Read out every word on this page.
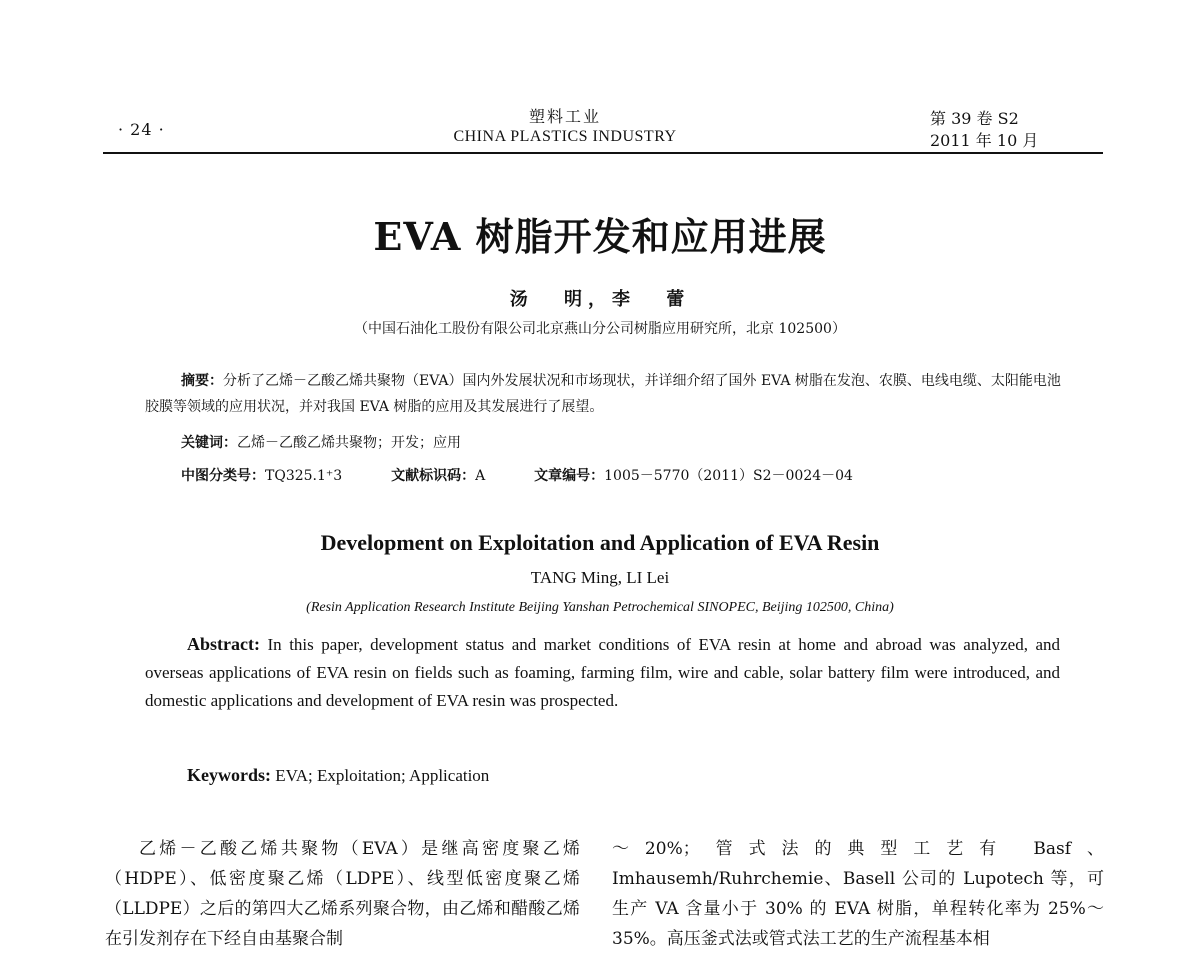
· 24 ·
塑料工业
CHINA PLASTICS INDUSTRY
第 39 卷 S2
2011 年 10 月
EVA 树脂开发和应用进展
汤 明，李 蕾
（中国石油化工股份有限公司北京燕山分公司树脂应用研究所，北京 102500）
摘要：分析了乙烯－乙酸乙烯共聚物（EVA）国内外发展状况和市场现状，并详细介绍了国外 EVA 树脂在发泡、农膜、电线电缆、太阳能电池胶膜等领域的应用状况，并对我国 EVA 树脂的应用及其发展进行了展望。
关键词：乙烯－乙酸乙烯共聚物；开发；应用
中图分类号：TQ325.1⁺3	文献标识码：A	文章编号：1005－5770（2011）S2－0024－04
Development on Exploitation and Application of EVA Resin
TANG Ming, LI Lei
(Resin Application Research Institute Beijing Yanshan Petrochemical SINOPEC, Beijing 102500, China)
Abstract: In this paper, development status and market conditions of EVA resin at home and abroad was analyzed, and overseas applications of EVA resin on fields such as foaming, farming film, wire and cable, solar battery film were introduced, and domestic applications and development of EVA resin was prospected.
Keywords: EVA; Exploitation; Application
乙烯－乙酸乙烯共聚物（EVA）是继高密度聚乙烯（HDPE）、低密度聚乙烯（LDPE）、线型低密度聚乙烯（LLDPE）之后的第四大乙烯系列聚合物，由乙烯和醋酸乙烯在引发剂存在下经自由基聚合制
～20%；管式法的典型工艺有 Basf、Imhausemh/Ruhrchemie、Basell 公司的 Lupotech 等，可生产 VA 含量小于 30% 的 EVA 树脂，单程转化率为 25%～35%。高压釜式法或管式法工艺的生产流程基本相
